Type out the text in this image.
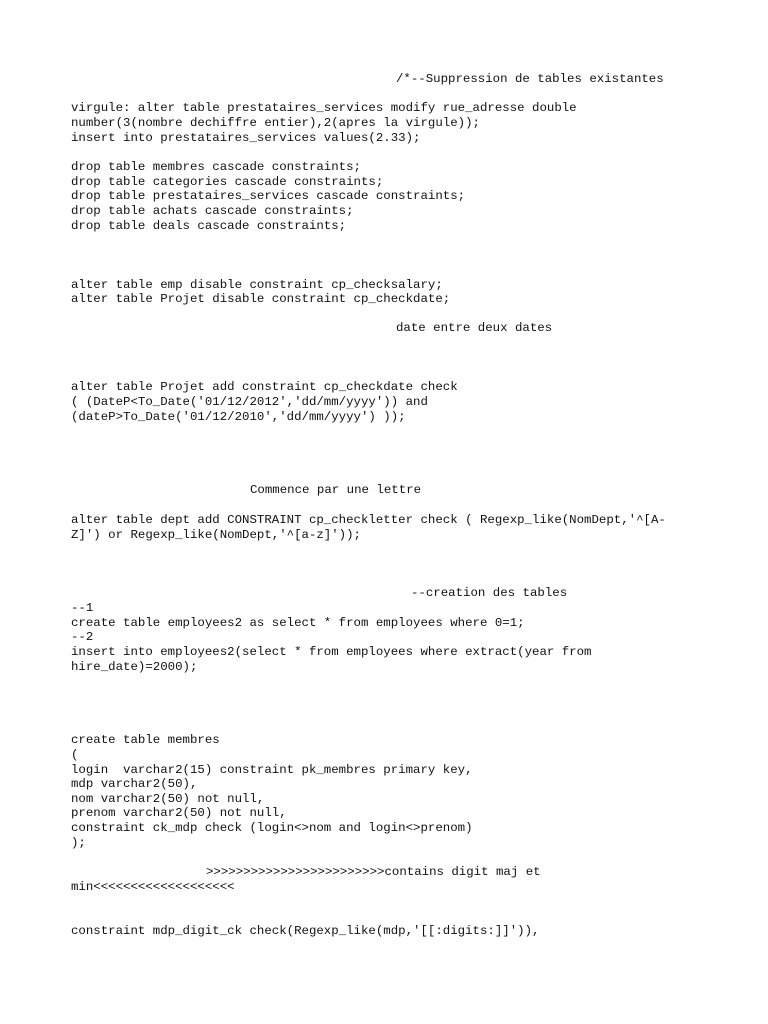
/*--Suppression de tables existantes

virgule: alter table prestataires_services modify rue_adresse double

number(3(nombre dechiffre entier),2(apres la virgule));

insert into prestataires_services values(2.33);

drop table membres cascade constraints;

drop table categories cascade constraints;

drop table prestataires_services cascade constraints;

drop table achats cascade constraints;

drop table deals cascade constraints;

alter table emp disable constraint cp_checksalary;

alter table Projet disable constraint cp_checkdate;

date entre deux dates

alter table Projet add constraint cp_checkdate check

( (DateP<To_Date('01/12/2012','dd/mm/yyyy')) and

(dateP>To_Date('01/12/2010','dd/mm/yyyy') ));

Commence par une lettre

alter table dept add CONSTRAINT cp_checkletter check ( Regexp_like(NomDept,'^[A-

Z]') or Regexp_like(NomDept,'^[a-z]'));

--creation des tables

--1

create table employees2 as select * from employees where 0=1;

--2

insert into employees2(select * from employees where extract(year from

hire_date)=2000);

create table membres

(

login  varchar2(15) constraint pk_membres primary key,

mdp varchar2(50),

nom varchar2(50) not null,

prenom varchar2(50) not null,

constraint ck_mdp check (login<>nom and login<>prenom)

);

>>>>>>>>>>>>>>>>>>>>>>>>contains digit maj et

min<<<<<<<<<<<<<<<<<<<

constraint mdp_digit_ck check(Regexp_like(mdp,'[[:digits:]]')),
